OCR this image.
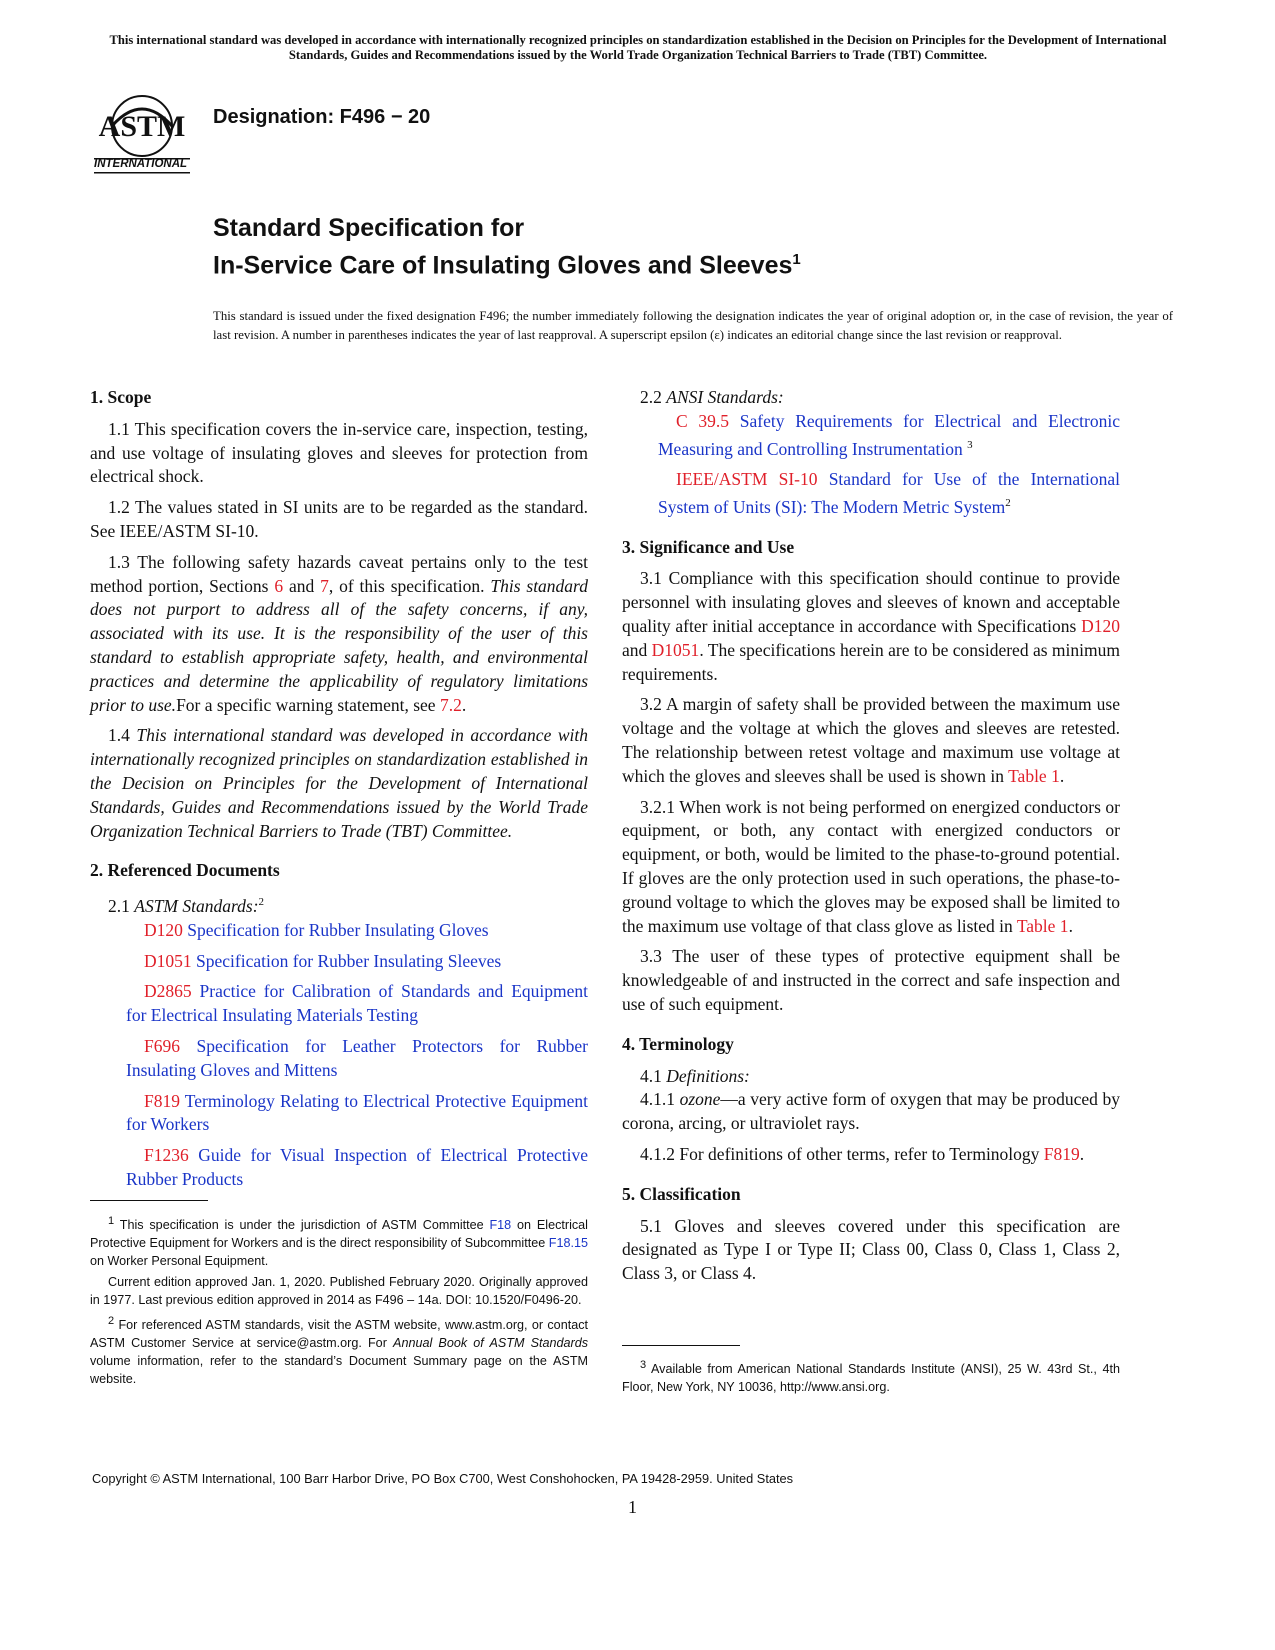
This international standard was developed in accordance with internationally recognized principles on standardization established in the Decision on Principles for the Development of International Standards, Guides and Recommendations issued by the World Trade Organization Technical Barriers to Trade (TBT) Committee.
ASTM
INTERNATIONAL
Designation: F496 − 20
Standard Specification for
In-Service Care of Insulating Gloves and Sleeves$^1$
This standard is issued under the fixed designation F496; the number immediately following the designation indicates the year of original adoption or, in the case of revision, the year of last revision. A number in parentheses indicates the year of last reapproval. A superscript epsilon (ε) indicates an editorial change since the last revision or reapproval.
1. Scope

1.1 This specification covers the in-service care, inspection, testing, and use voltage of insulating gloves and sleeves for protection from electrical shock.

1.2 The values stated in SI units are to be regarded as the standard. See IEEE/ASTM SI-10.

1.3 The following safety hazards caveat pertains only to the test method portion, Sections 6 and 7, of this specification. This standard does not purport to address all of the safety concerns, if any, associated with its use. It is the responsibility of the user of this standard to establish appropriate safety, health, and environmental practices and determine the applicability of regulatory limitations prior to use.For a specific warning statement, see 7.2.

1.4 This international standard was developed in accordance with internationally recognized principles on standardization established in the Decision on Principles for the Development of International Standards, Guides and Recommendations issued by the World Trade Organization Technical Barriers to Trade (TBT) Committee.

2. Referenced Documents

2.1 ASTM Standards:$^2$

D120 Specification for Rubber Insulating Gloves

D1051 Specification for Rubber Insulating Sleeves

D2865 Practice for Calibration of Standards and Equipment for Electrical Insulating Materials Testing

F696 Specification for Leather Protectors for Rubber Insulating Gloves and Mittens

F819 Terminology Relating to Electrical Protective Equipment for Workers

F1236 Guide for Visual Inspection of Electrical Protective Rubber Products

$^1$ This specification is under the jurisdiction of ASTM Committee F18 on Electrical Protective Equipment for Workers and is the direct responsibility of Subcommittee F18.15 on Worker Personal Equipment.

Current edition approved Jan. 1, 2020. Published February 2020. Originally approved in 1977. Last previous edition approved in 2014 as F496 – 14a. DOI: 10.1520/F0496-20.

$^2$ For referenced ASTM standards, visit the ASTM website, www.astm.org, or contact ASTM Customer Service at service@astm.org. For Annual Book of ASTM Standards volume information, refer to the standard’s Document Summary page on the ASTM website.

2.2 ANSI Standards:

C 39.5 Safety Requirements for Electrical and Electronic Measuring and Controlling Instrumentation $^3$

IEEE/ASTM SI-10 Standard for Use of the International System of Units (SI): The Modern Metric System$^2$

3. Significance and Use

3.1 Compliance with this specification should continue to provide personnel with insulating gloves and sleeves of known and acceptable quality after initial acceptance in accordance with Specifications D120 and D1051. The specifications herein are to be considered as minimum requirements.

3.2 A margin of safety shall be provided between the maximum use voltage and the voltage at which the gloves and sleeves are retested. The relationship between retest voltage and maximum use voltage at which the gloves and sleeves shall be used is shown in Table 1.

3.2.1 When work is not being performed on energized conductors or equipment, or both, any contact with energized conductors or equipment, or both, would be limited to the phase-to-ground potential. If gloves are the only protection used in such operations, the phase-to-ground voltage to which the gloves may be exposed shall be limited to the maximum use voltage of that class glove as listed in Table 1.

3.3 The user of these types of protective equipment shall be knowledgeable of and instructed in the correct and safe inspection and use of such equipment.

4. Terminology

4.1 Definitions:

4.1.1 ozone—a very active form of oxygen that may be produced by corona, arcing, or ultraviolet rays.

4.1.2 For definitions of other terms, refer to Terminology F819.

5. Classification

5.1 Gloves and sleeves covered under this specification are designated as Type I or Type II; Class 00, Class 0, Class 1, Class 2, Class 3, or Class 4.

$^3$ Available from American National Standards Institute (ANSI), 25 W. 43rd St., 4th Floor, New York, NY 10036, http://www.ansi.org.

Copyright © ASTM International, 100 Barr Harbor Drive, PO Box C700, West Conshohocken, PA 19428-2959. United States
1
